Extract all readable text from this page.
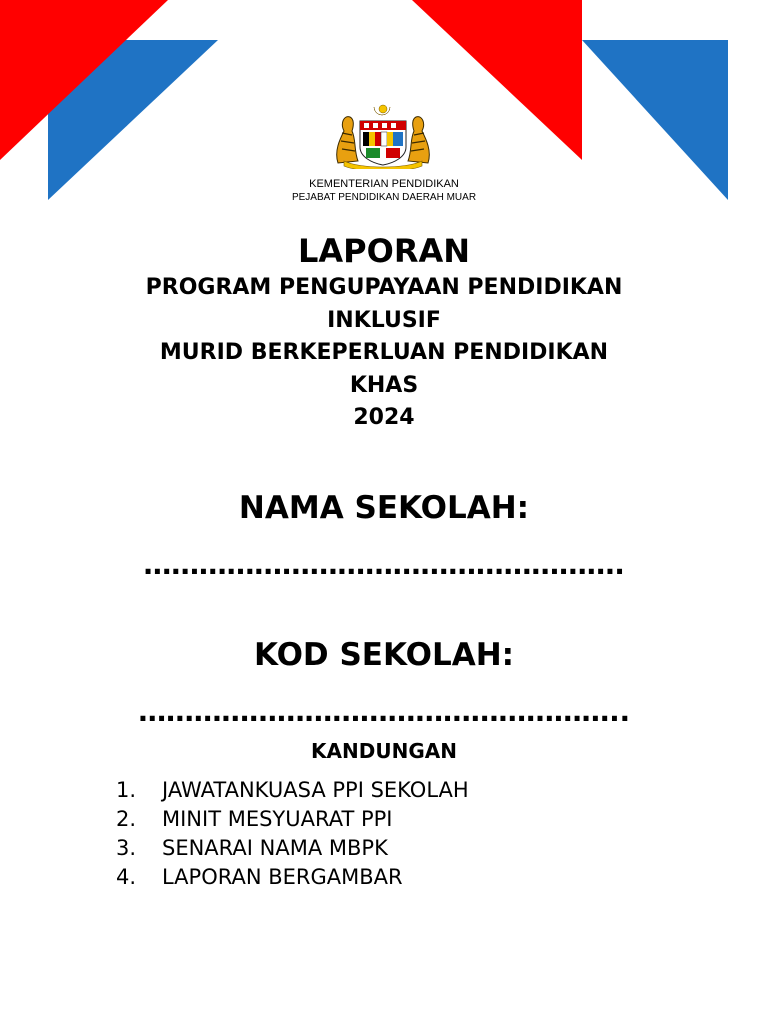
KEMENTERIAN PENDIDIKAN
PEJABAT PENDIDIKAN DAERAH MUAR
LAPORAN
PROGRAM PENGUPAYAAN PENDIDIKAN
INKLUSIF
MURID BERKEPERLUAN PENDIDIKAN
KHAS
2024
NAMA SEKOLAH:
…………………………………………….
KOD SEKOLAH:
……………………………………………..
KANDUNGAN
1.	JAWATANKUASA PPI SEKOLAH
2.	MINIT MESYUARAT PPI
3.	SENARAI NAMA MBPK
4.	LAPORAN BERGAMBAR
